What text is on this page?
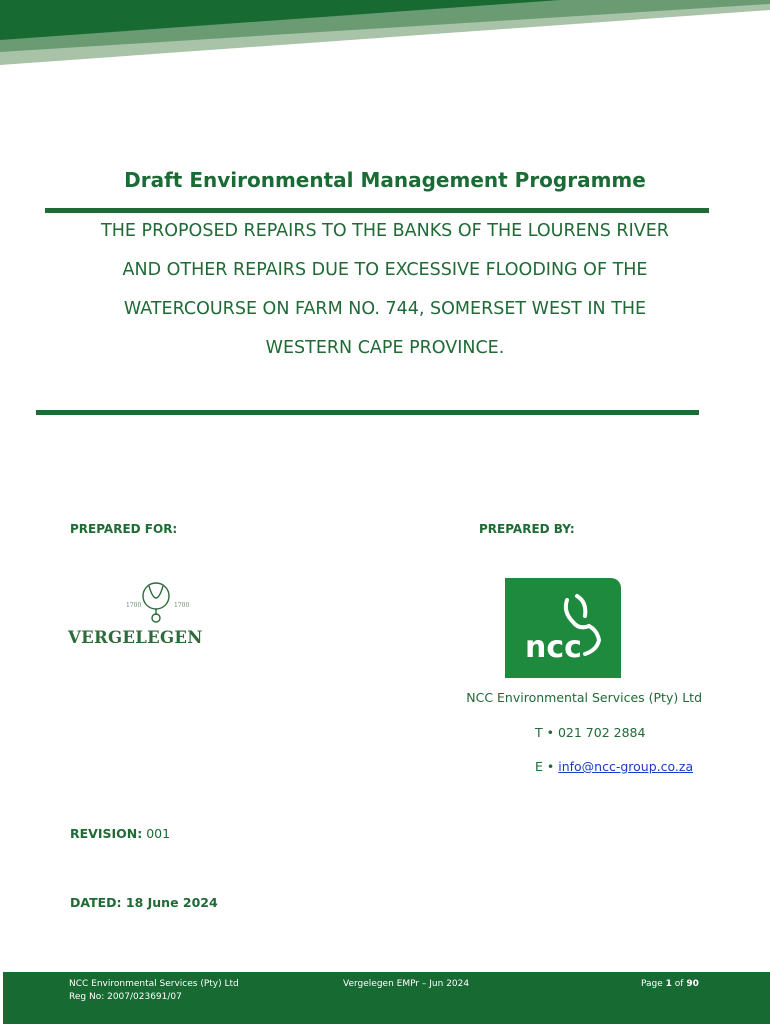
Draft Environmental Management Programme
THE PROPOSED REPAIRS TO THE BANKS OF THE LOURENS RIVER
AND OTHER REPAIRS DUE TO EXCESSIVE FLOODING OF THE
WATERCOURSE ON FARM NO. 744, SOMERSET WEST IN THE
WESTERN CAPE PROVINCE.
PREPARED FOR:	PREPARED BY:
1700	1700
VERGELEGEN	ncc
NCC Environmental Services (Pty) Ltd
T • 021 702 2884
E • info@ncc-group.co.za
REVISION: 001
DATED: 18 June 2024
NCC Environmental Services (Pty) Ltd
Reg No: 2007/023691/07
Vergelegen EMPr – Jun 2024	Page 1 of 90
